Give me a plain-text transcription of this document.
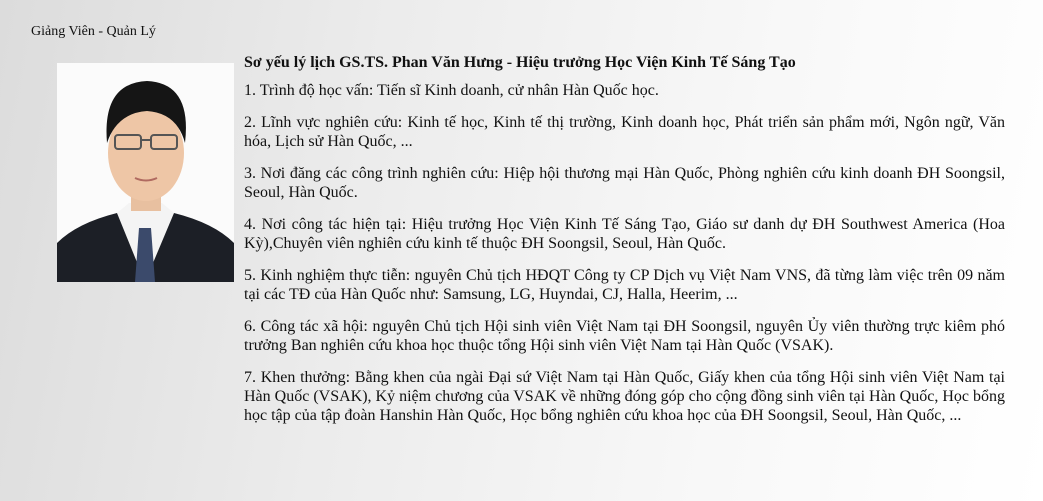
Giảng Viên - Quản Lý
Sơ yếu lý lịch GS.TS. Phan Văn Hưng - Hiệu trưởng Học Viện Kinh Tế Sáng Tạo

1. Trình độ học vấn: Tiến sĩ Kinh doanh, cử nhân Hàn Quốc học.

2. Lĩnh vực nghiên cứu: Kinh tế học, Kinh tế thị trường, Kinh doanh học, Phát triển sản phẩm mới, Ngôn ngữ, Văn hóa, Lịch sử Hàn Quốc, ...

3. Nơi đăng các công trình nghiên cứu: Hiệp hội thương mại Hàn Quốc, Phòng nghiên cứu kinh doanh ĐH Soongsil, Seoul, Hàn Quốc.

4. Nơi công tác hiện tại: Hiệu trưởng Học Viện Kinh Tế Sáng Tạo, Giáo sư danh dự ĐH Southwest America (Hoa Kỳ),Chuyên viên nghiên cứu kinh tế thuộc ĐH Soongsil, Seoul, Hàn Quốc.

5. Kinh nghiệm thực tiễn: nguyên Chủ tịch HĐQT Công ty CP Dịch vụ Việt Nam VNS, đã từng làm việc trên 09 năm tại các TĐ của Hàn Quốc như: Samsung, LG, Huyndai, CJ, Halla, Heerim, ...

6. Công tác xã hội: nguyên Chủ tịch Hội sinh viên Việt Nam tại ĐH Soongsil, nguyên Ủy viên thường trực kiêm phó trưởng Ban nghiên cứu khoa học thuộc tổng Hội sinh viên Việt Nam tại Hàn Quốc (VSAK).

7. Khen thưởng: Bằng khen của ngài Đại sứ Việt Nam tại Hàn Quốc, Giấy khen của tổng Hội sinh viên Việt Nam tại Hàn Quốc (VSAK), Kỷ niệm chương của VSAK về những đóng góp cho cộng đồng sinh viên tại Hàn Quốc, Học bổng học tập của tập đoàn Hanshin Hàn Quốc, Học bổng nghiên cứu khoa học của ĐH Soongsil, Seoul, Hàn Quốc, ...
